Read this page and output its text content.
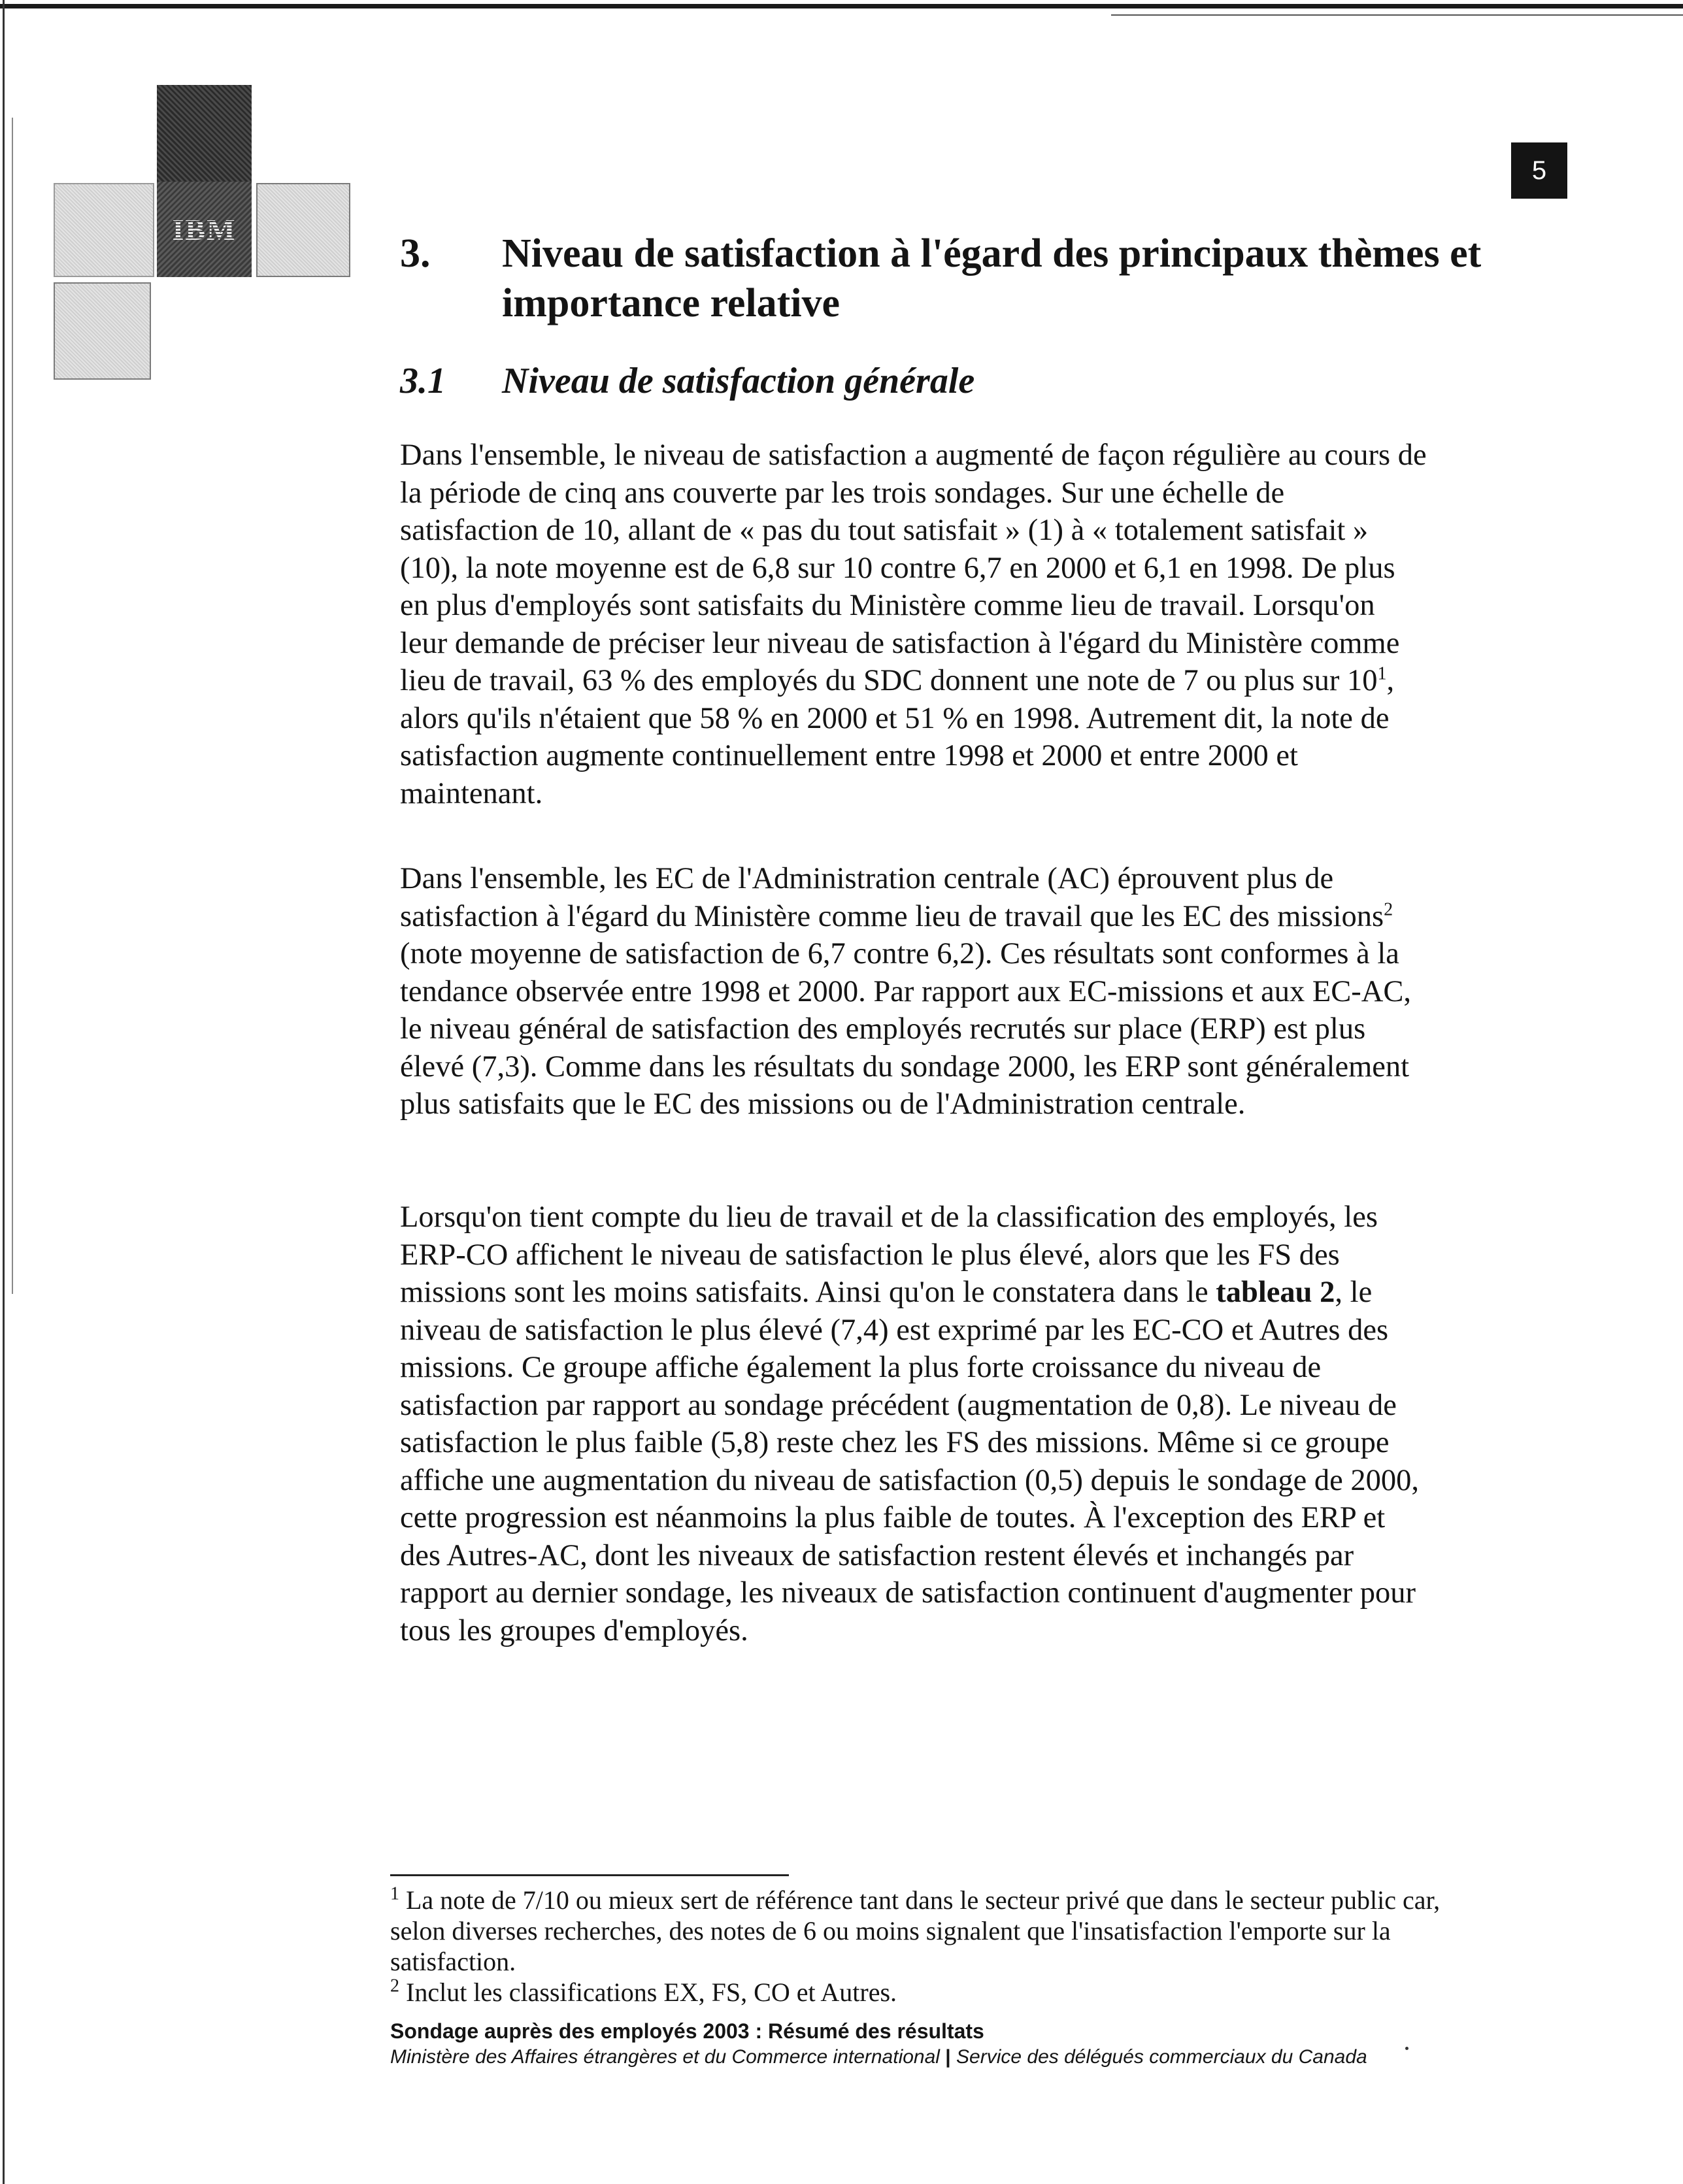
IBM
5
3. Niveau de satisfaction à l'égard des principaux thèmes et importance relative
3.1 Niveau de satisfaction générale

Dans l'ensemble, le niveau de satisfaction a augmenté de façon régulière au cours de la période de cinq ans couverte par les trois sondages. Sur une échelle de satisfaction de 10, allant de « pas du tout satisfait » (1) à « totalement satisfait » (10), la note moyenne est de 6,8 sur 10 contre 6,7 en 2000 et 6,1 en 1998. De plus en plus d'employés sont satisfaits du Ministère comme lieu de travail. Lorsqu'on leur demande de préciser leur niveau de satisfaction à l'égard du Ministère comme lieu de travail, 63 % des employés du SDC donnent une note de 7 ou plus sur $10^1$, alors qu'ils n'étaient que 58 % en 2000 et 51 % en 1998. Autrement dit, la note de satisfaction augmente continuellement entre 1998 et 2000 et entre 2000 et maintenant.

Dans l'ensemble, les EC de l'Administration centrale (AC) éprouvent plus de satisfaction à l'égard du Ministère comme lieu de travail que les EC des missions$^2$ (note moyenne de satisfaction de 6,7 contre 6,2). Ces résultats sont conformes à la tendance observée entre 1998 et 2000. Par rapport aux EC-missions et aux EC-AC, le niveau général de satisfaction des employés recrutés sur place (ERP) est plus élevé (7,3). Comme dans les résultats du sondage 2000, les ERP sont généralement plus satisfaits que le EC des missions ou de l'Administration centrale.

Lorsqu'on tient compte du lieu de travail et de la classification des employés, les ERP-CO affichent le niveau de satisfaction le plus élevé, alors que les FS des missions sont les moins satisfaits. Ainsi qu'on le constatera dans le tableau 2, le niveau de satisfaction le plus élevé (7,4) est exprimé par les EC-CO et Autres des missions. Ce groupe affiche également la plus forte croissance du niveau de satisfaction par rapport au sondage précédent (augmentation de 0,8). Le niveau de satisfaction le plus faible (5,8) reste chez les FS des missions. Même si ce groupe affiche une augmentation du niveau de satisfaction (0,5) depuis le sondage de 2000, cette progression est néanmoins la plus faible de toutes. À l'exception des ERP et des Autres-AC, dont les niveaux de satisfaction restent élevés et inchangés par rapport au dernier sondage, les niveaux de satisfaction continuent d'augmenter pour tous les groupes d'employés.

$^1$ La note de 7/10 ou mieux sert de référence tant dans le secteur privé que dans le secteur public car, selon diverses recherches, des notes de 6 ou moins signalent que l'insatisfaction l'emporte sur la satisfaction.

$^2$ Inclut les classifications EX, FS, CO et Autres.

Sondage auprès des employés 2003 : Résumé des résultats
Ministère des Affaires étrangères et du Commerce international | Service des délégués commerciaux du Canada
